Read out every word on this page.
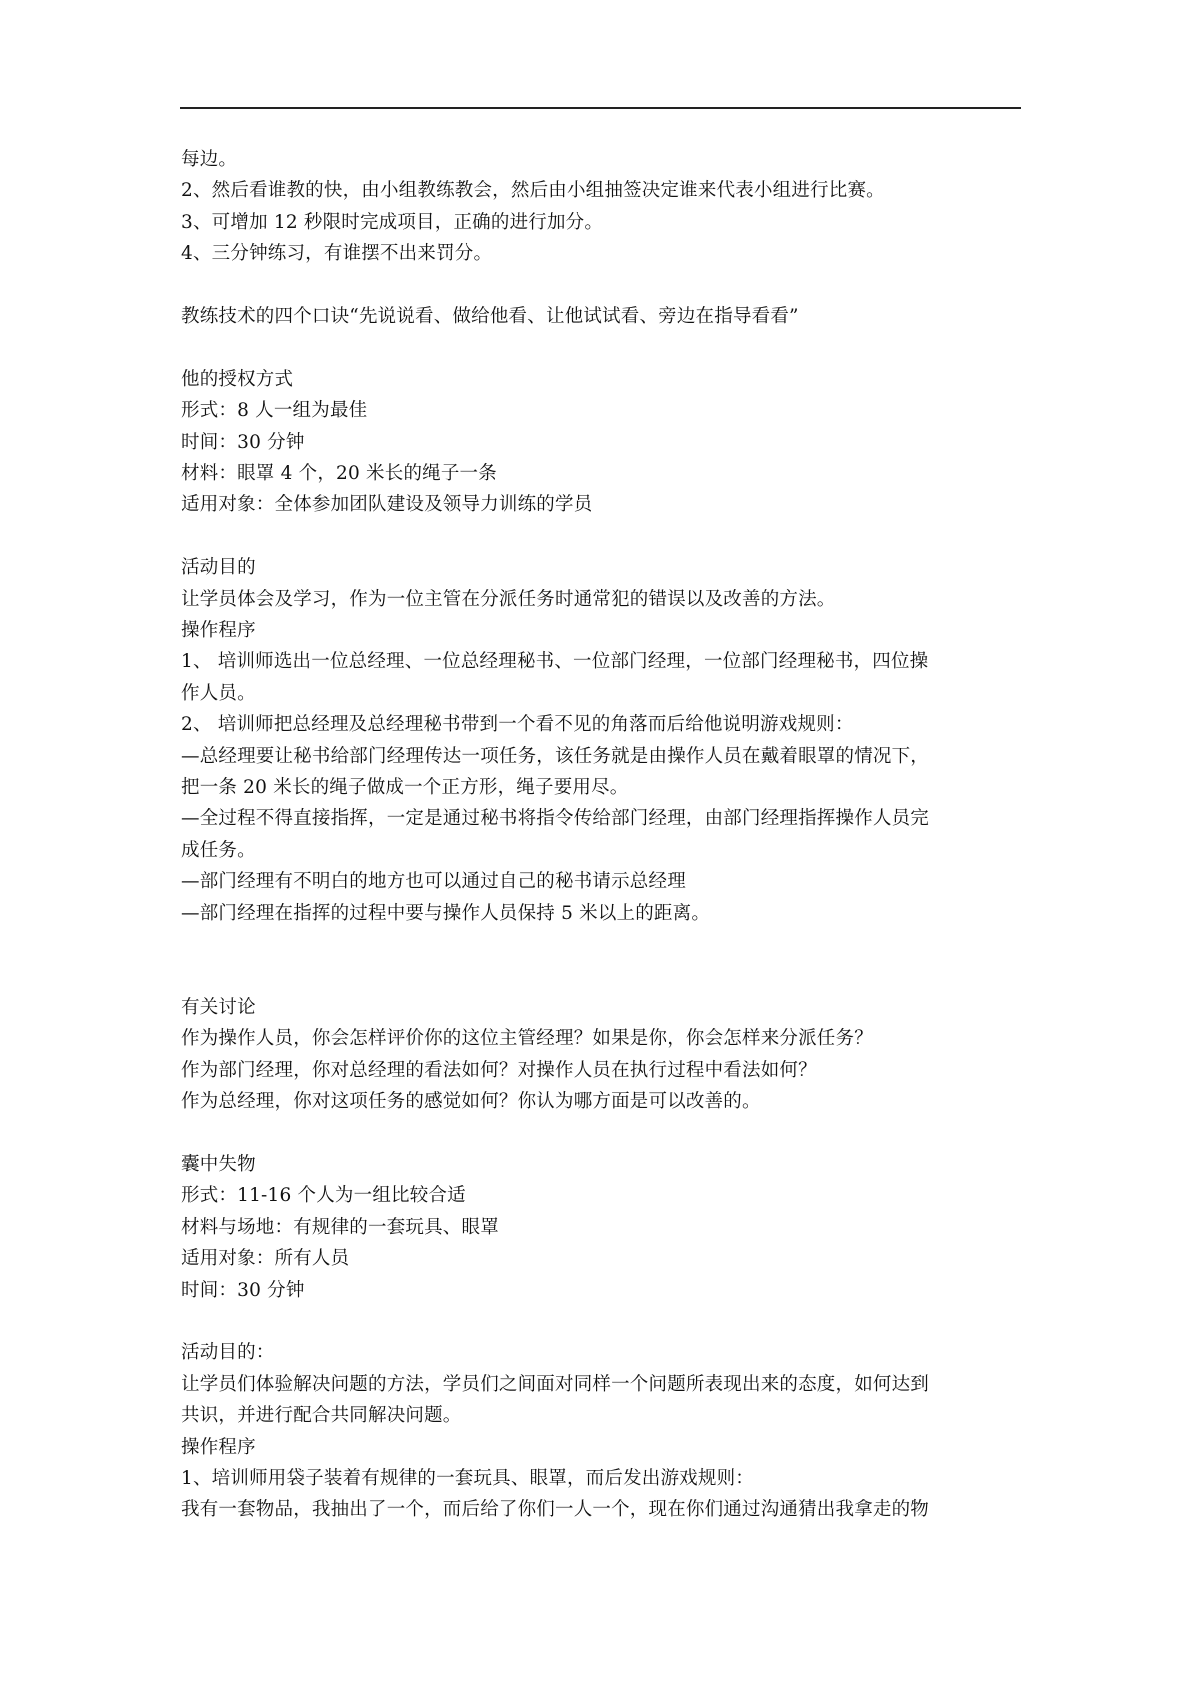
每边。
2、然后看谁教的快，由小组教练教会，然后由小组抽签决定谁来代表小组进行比赛。
3、可增加 12 秒限时完成项目，正确的进行加分。
4、三分钟练习，有谁摆不出来罚分。
教练技术的四个口诀“先说说看、做给他看、让他试试看、旁边在指导看看”
他的授权方式
形式：8 人一组为最佳
时间：30 分钟
材料：眼罩 4 个，20 米长的绳子一条
适用对象：全体参加团队建设及领导力训练的学员
活动目的
让学员体会及学习，作为一位主管在分派任务时通常犯的错误以及改善的方法。
操作程序
1、 培训师选出一位总经理、一位总经理秘书、一位部门经理，一位部门经理秘书，四位操
作人员。
2、 培训师把总经理及总经理秘书带到一个看不见的角落而后给他说明游戏规则：
—总经理要让秘书给部门经理传达一项任务，该任务就是由操作人员在戴着眼罩的情况下，
把一条 20 米长的绳子做成一个正方形，绳子要用尽。
—全过程不得直接指挥，一定是通过秘书将指令传给部门经理，由部门经理指挥操作人员完
成任务。
—部门经理有不明白的地方也可以通过自己的秘书请示总经理
—部门经理在指挥的过程中要与操作人员保持 5 米以上的距离。
有关讨论
作为操作人员，你会怎样评价你的这位主管经理？如果是你，你会怎样来分派任务？
作为部门经理，你对总经理的看法如何？对操作人员在执行过程中看法如何？
作为总经理，你对这项任务的感觉如何？你认为哪方面是可以改善的。
囊中失物
形式：11-16 个人为一组比较合适
材料与场地：有规律的一套玩具、眼罩
适用对象：所有人员
时间：30 分钟
活动目的：
让学员们体验解决问题的方法，学员们之间面对同样一个问题所表现出来的态度，如何达到
共识，并进行配合共同解决问题。
操作程序
1、培训师用袋子装着有规律的一套玩具、眼罩，而后发出游戏规则：
我有一套物品，我抽出了一个，而后给了你们一人一个，现在你们通过沟通猜出我拿走的物
